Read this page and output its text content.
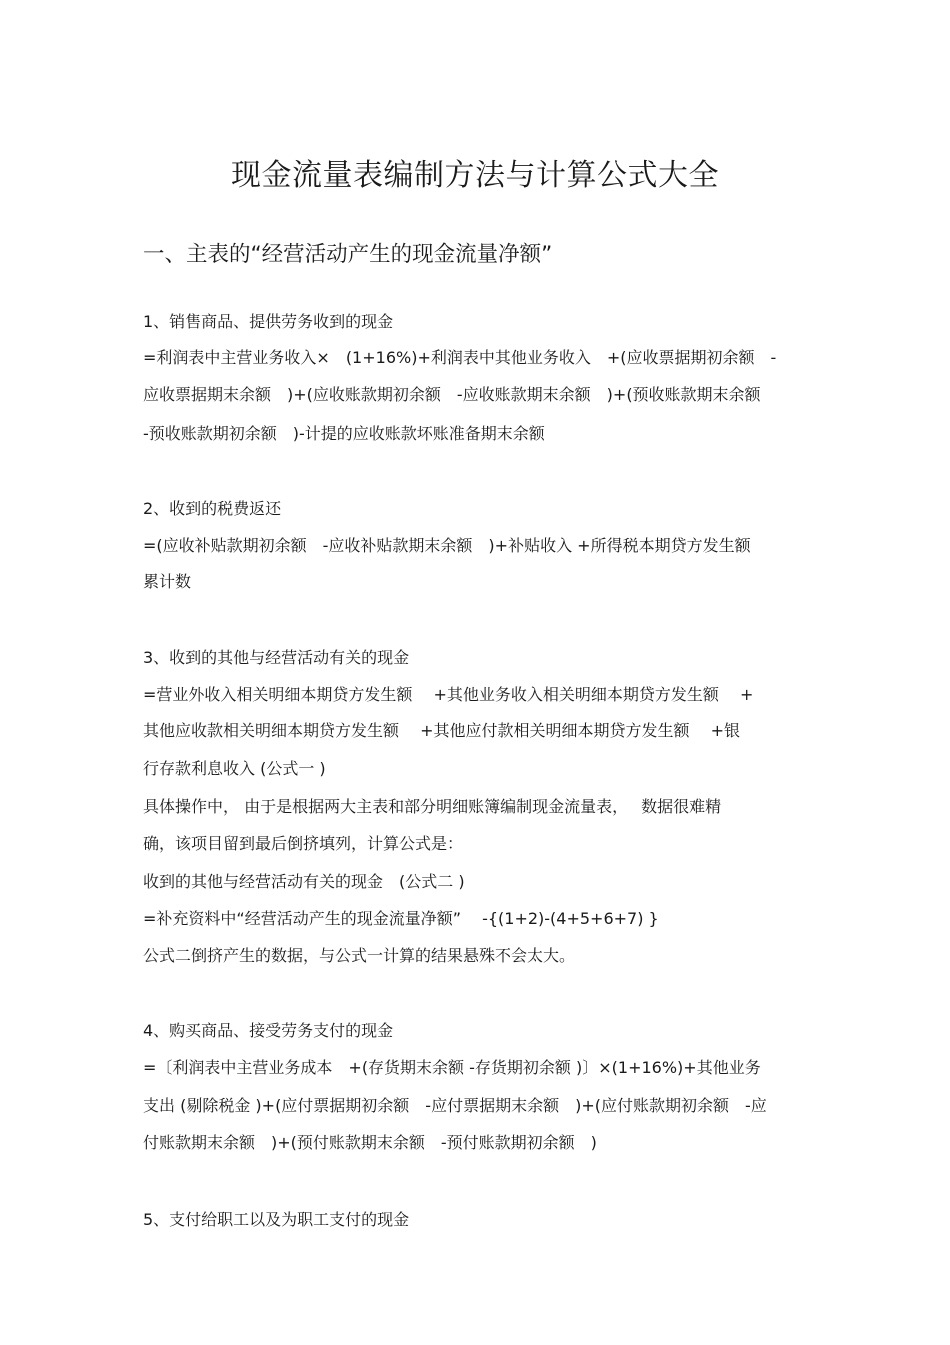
现金流量表编制方法与计算公式大全
一、主表的“经营活动产生的现金流量净额”

1、销售商品、提供劳务收到的现金

=利润表中主营业务收入×　(1+16%)+利润表中其他业务收入　+(应收票据期初余额　-

应收票据期末余额　)+(应收账款期初余额　-应收账款期末余额　)+(预收账款期末余额

-预收账款期初余额　)-计提的应收账款坏账准备期末余额

2、收到的税费返还

=(应收补贴款期初余额　-应收补贴款期末余额　)+补贴收入 +所得税本期贷方发生额

累计数

3、收到的其他与经营活动有关的现金

=营业外收入相关明细本期贷方发生额　 +其他业务收入相关明细本期贷方发生额　 +

其他应收款相关明细本期贷方发生额　 +其他应付款相关明细本期贷方发生额　 +银

行存款利息收入 (公式一 )

具体操作中， 由于是根据两大主表和部分明细账簿编制现金流量表，　 数据很难精

确，该项目留到最后倒挤填列，计算公式是：

收到的其他与经营活动有关的现金　(公式二 )

=补充资料中“经营活动产生的现金流量净额”　 -{(1+2)-(4+5+6+7) }

公式二倒挤产生的数据，与公式一计算的结果悬殊不会太大。

4、购买商品、接受劳务支付的现金

=〔利润表中主营业务成本　+(存货期末余额 -存货期初余额 )〕×(1+16%)+其他业务

支出 (剔除税金 )+(应付票据期初余额　-应付票据期末余额　)+(应付账款期初余额　-应

付账款期末余额　)+(预付账款期末余额　-预付账款期初余额　)

5、支付给职工以及为职工支付的现金
